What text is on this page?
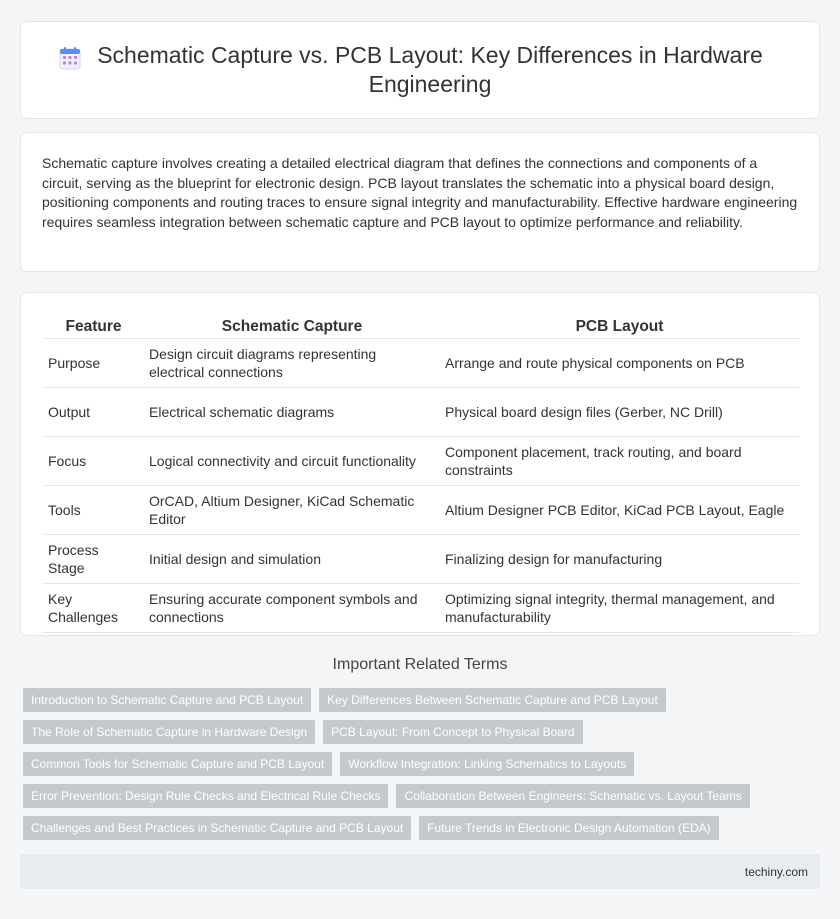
Schematic Capture vs. PCB Layout: Key Differences in Hardware Engineering

Schematic capture involves creating a detailed electrical diagram that defines the connections and components of a circuit, serving as the blueprint for electronic design. PCB layout translates the schematic into a physical board design, positioning components and routing traces to ensure signal integrity and manufacturability. Effective hardware engineering requires seamless integration between schematic capture and PCB layout to optimize performance and reliability.

Feature	Schematic Capture	PCB Layout
Purpose	Design circuit diagrams representing electrical connections	Arrange and route physical components on PCB
Output	Electrical schematic diagrams	Physical board design files (Gerber, NC Drill)
Focus	Logical connectivity and circuit functionality	Component placement, track routing, and board constraints
Tools	OrCAD, Altium Designer, KiCad Schematic Editor	Altium Designer PCB Editor, KiCad PCB Layout, Eagle
Process Stage	Initial design and simulation	Finalizing design for manufacturing
Key Challenges	Ensuring accurate component symbols and connections	Optimizing signal integrity, thermal management, and manufacturability
Important Related Terms
Introduction to Schematic Capture and PCB Layout	Key Differences Between Schematic Capture and PCB Layout
The Role of Schematic Capture in Hardware Design	PCB Layout: From Concept to Physical Board
Common Tools for Schematic Capture and PCB Layout	Workflow Integration: Linking Schematics to Layouts
Error Prevention: Design Rule Checks and Electrical Rule Checks	Collaboration Between Engineers: Schematic vs. Layout Teams
Challenges and Best Practices in Schematic Capture and PCB Layout	Future Trends in Electronic Design Automation (EDA)
techiny.com
